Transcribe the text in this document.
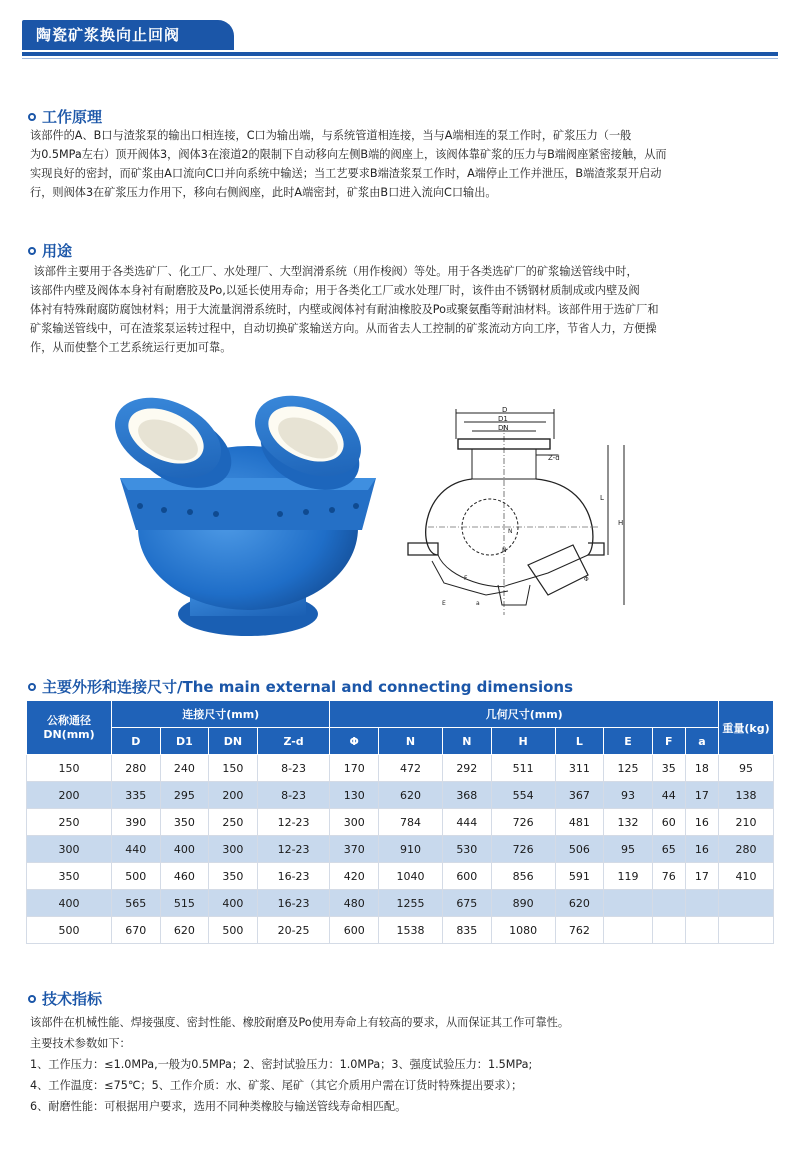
陶瓷矿浆换向止回阀
工作原理

该部件的A、B口与渣浆泵的输出口相连接，C口为输出端，与系统管道相连接，当与A端相连的泵工作时，矿浆压力（一般

为0.5MPa左右）顶开阀体3，阀体3在滚道2的限制下自动移向左侧B端的阀座上，该阀体靠矿浆的压力与B端阀座紧密接触，从而

实现良好的密封，而矿浆由A口流向C口并向系统中输送；当工艺要求B端渣浆泵工作时，A端停止工作并泄压，B端渣浆泵开启动

行，则阀体3在矿浆压力作用下，移向右侧阀座，此时A端密封，矿浆由B口进入流向C口输出。

用途

该部件主要用于各类选矿厂、化工厂、水处理厂、大型润滑系统（用作梭阀）等处。用于各类选矿厂的矿浆输送管线中时，

该部件内壁及阀体本身衬有耐磨胶及Po,以延长使用寿命；用于各类化工厂或水处理厂时，该件由不锈钢材质制成或内壁及阀

体衬有特殊耐腐防腐蚀材料；用于大流量润滑系统时，内壁或阀体衬有耐油橡胶及Po或聚氨酯等耐油材料。该部件用于选矿厂和

矿浆输送管线中，可在渣浆泵运转过程中，自动切换矿浆输送方向。从而省去人工控制的矿浆流动方向工序，节省人力，方便操

作，从而使整个工艺系统运行更加可靠。

D
D1
DN
Z-d
L
H
N
N
F
E	a
Φ
主要外形和连接尺寸/The main external and connecting dimensions
公称通径
DN(mm)	连接尺寸(mm)				几何尺寸(mm)								重量(kg)
	D	D1	DN	Z-d	Φ	N	N	H	L	E	F	a	
150	280	240	150	8-23	170	472	292	511	311	125	35	18	95
200	335	295	200	8-23	130	620	368	554	367	93	44	17	138
250	390	350	250	12-23	300	784	444	726	481	132	60	16	210
300	440	400	300	12-23	370	910	530	726	506	95	65	16	280
350	500	460	350	16-23	420	1040	600	856	591	119	76	17	410
400	565	515	400	16-23	480	1255	675	890	620				
500	670	620	500	20-25	600	1538	835	1080	762				
技术指标
该部件在机械性能、焊接强度、密封性能、橡胶耐磨及Po使用寿命上有较高的要求，从而保证其工作可靠性。
主要技术参数如下：
1、工作压力：≤1.0MPa,一般为0.5MPa；2、密封试验压力：1.0MPa；3、强度试验压力：1.5MPa;
4、工作温度：≤75℃；5、工作介质：水、矿浆、尾矿（其它介质用户需在订货时特殊提出要求）；
6、耐磨性能：可根据用户要求，选用不同种类橡胶与输送管线寿命相匹配。
